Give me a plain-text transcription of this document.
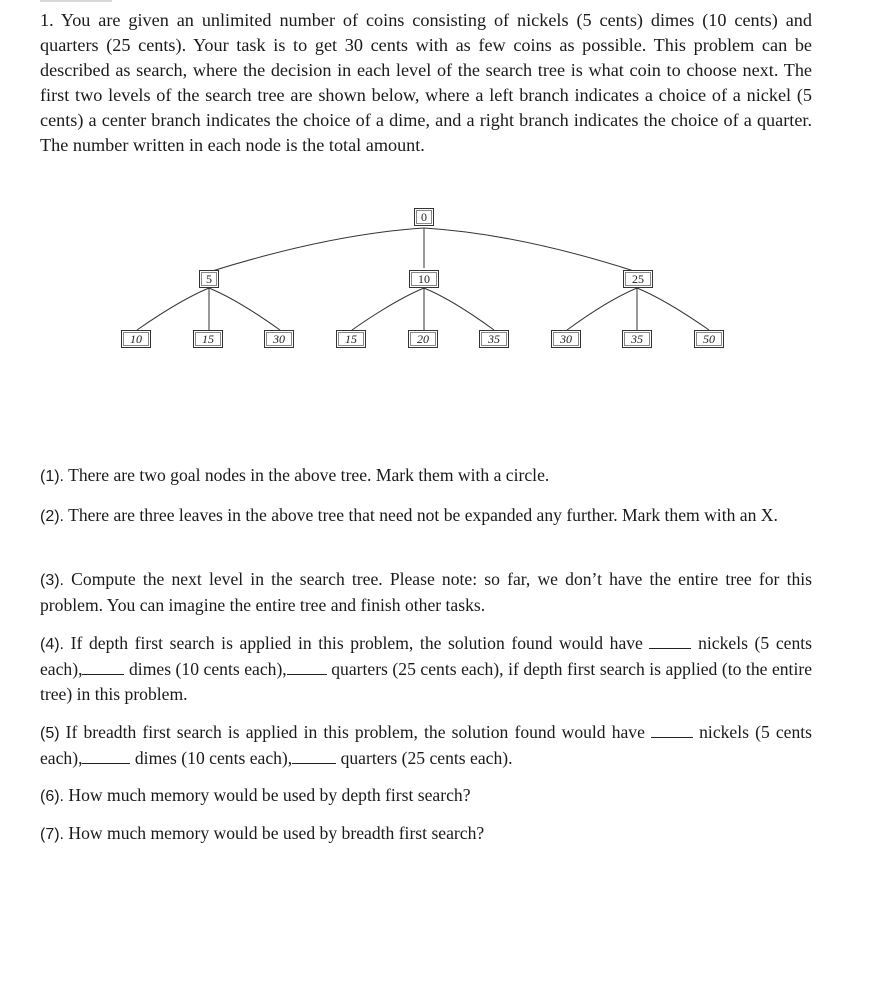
1. You are given an unlimited number of coins consisting of nickels (5 cents) dimes (10 cents) and quarters (25 cents). Your task is to get 30 cents with as few coins as possible. This problem can be described as search, where the decision in each level of the search tree is what coin to choose next. The first two levels of the search tree are shown below, where a left branch indicates a choice of a nickel (5 cents) a center branch indicates the choice of a dime, and a right branch indicates the choice of a quarter. The number written in each node is the total amount.

0
5	10	25
10	15	30	15	20	35	30	35	50

(1). There are two goal nodes in the above tree. Mark them with a circle.

(2). There are three leaves in the above tree that need not be expanded any further. Mark them with an X.

(3). Compute the next level in the search tree. Please note: so far, we don’t have the entire tree for this problem. You can imagine the entire tree and finish other tasks.

(4). If depth first search is applied in this problem, the solution found would have  nickels (5 cents each), dimes (10 cents each), quarters (25 cents each), if depth first search is applied (to the entire tree) in this problem.

(5) If breadth first search is applied in this problem, the solution found would have  nickels (5 cents each),	dimes (10 cents each),	quarters (25 cents each).

(6). How much memory would be used by depth first search?

(7). How much memory would be used by breadth first search?
